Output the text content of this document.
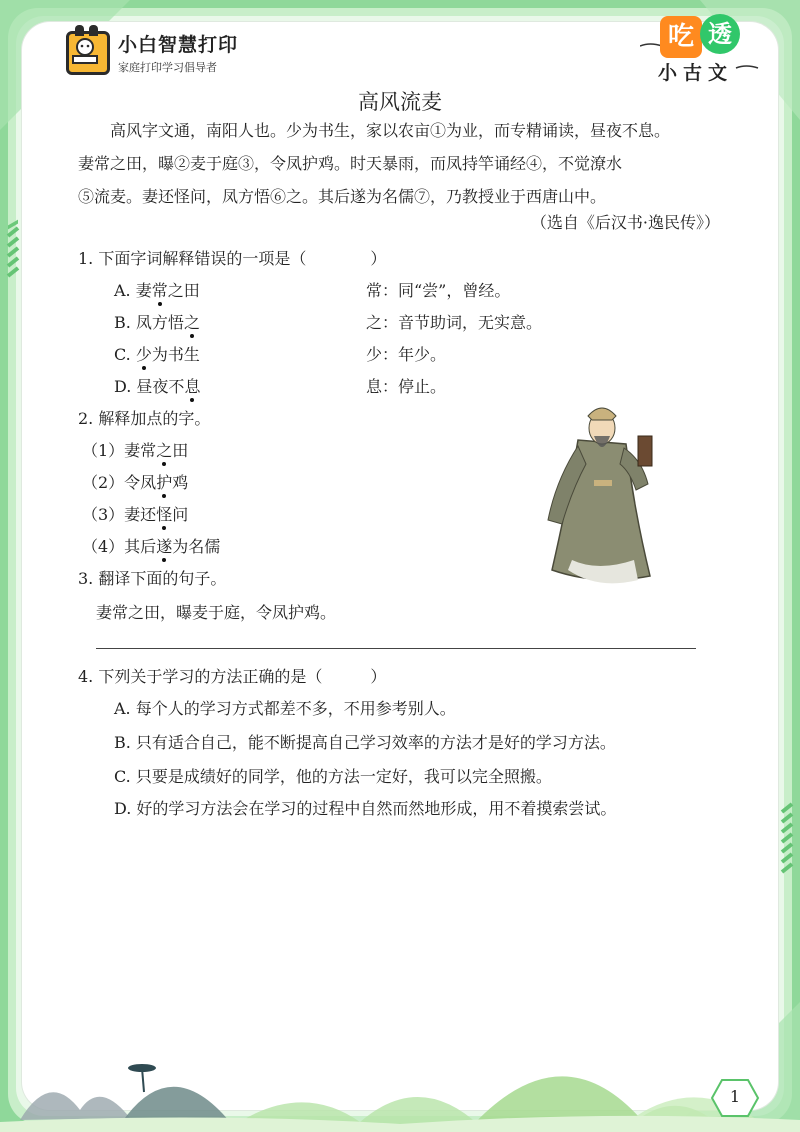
小白智慧打印
家庭打印学习倡导者
吃 透
小古文
高风流麦

高风字文通，南阳人也。少为书生，家以农亩①为业，而专精诵读，昼夜不息。

妻常之田，曝②麦于庭③，令凤护鸡。时天暴雨，而凤持竿诵经④，不觉潦水

⑤流麦。妻还怪问，凤方悟⑥之。其后遂为名儒⑦，乃教授业于西唐山中。

（选自《后汉书·逸民传》）
1. 下面字词解释错误的一项是（　　　　）
A. 妻常之田	常：同“尝”，曾经。
B. 凤方悟之	之：音节助词，无实意。
C. 少为书生	少：年少。
D. 昼夜不息	息：停止。
2. 解释加点的字。
（1）妻常之田
（2）令凤护鸡
（3）妻还怪问
（4）其后遂为名儒
3. 翻译下面的句子。
妻常之田，曝麦于庭，令凤护鸡。
4. 下列关于学习的方法正确的是（　　　）
A. 每个人的学习方式都差不多，不用参考别人。
B. 只有适合自己，能不断提高自己学习效率的方法才是好的学习方法。
C. 只要是成绩好的同学，他的方法一定好，我可以完全照搬。
D. 好的学习方法会在学习的过程中自然而然地形成，用不着摸索尝试。
1
